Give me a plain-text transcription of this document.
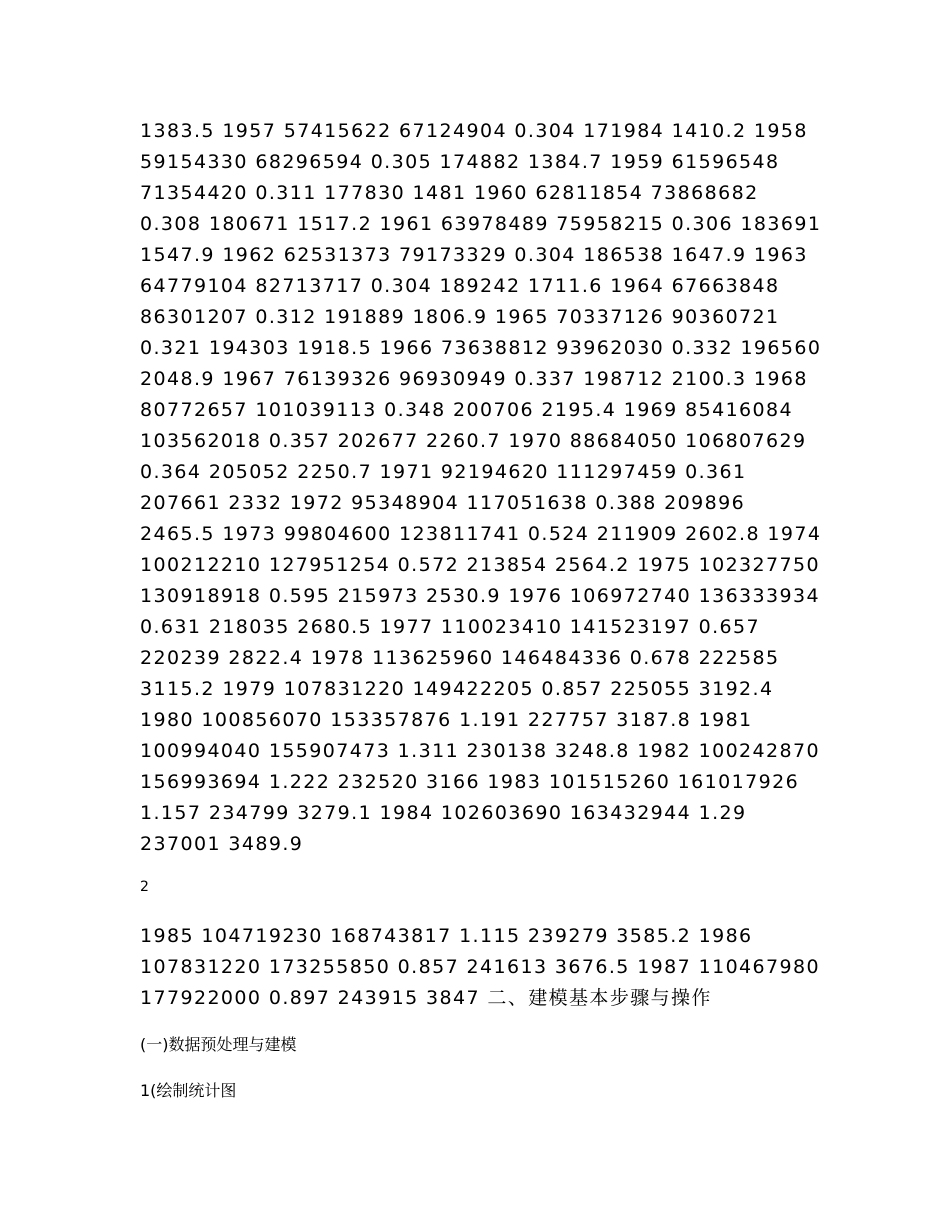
1383.5 1957 57415622 67124904 0.304 171984 1410.2 1958
59154330 68296594 0.305 174882 1384.7 1959 61596548
71354420 0.311 177830 1481 1960 62811854 73868682
0.308 180671 1517.2 1961 63978489 75958215 0.306 183691
1547.9 1962 62531373 79173329 0.304 186538 1647.9 1963
64779104 82713717 0.304 189242 1711.6 1964 67663848
86301207 0.312 191889 1806.9 1965 70337126 90360721
0.321 194303 1918.5 1966 73638812 93962030 0.332 196560
2048.9 1967 76139326 96930949 0.337 198712 2100.3 1968
80772657 101039113 0.348 200706 2195.4 1969 85416084
103562018 0.357 202677 2260.7 1970 88684050 106807629
0.364 205052 2250.7 1971 92194620 111297459 0.361
207661 2332 1972 95348904 117051638 0.388 209896
2465.5 1973 99804600 123811741 0.524 211909 2602.8 1974
100212210 127951254 0.572 213854 2564.2 1975 102327750
130918918 0.595 215973 2530.9 1976 106972740 136333934
0.631 218035 2680.5 1977 110023410 141523197 0.657
220239 2822.4 1978 113625960 146484336 0.678 222585
3115.2 1979 107831220 149422205 0.857 225055 3192.4
1980 100856070 153357876 1.191 227757 3187.8 1981
100994040 155907473 1.311 230138 3248.8 1982 100242870
156993694 1.222 232520 3166 1983 101515260 161017926
1.157 234799 3279.1 1984 102603690 163432944 1.29
237001 3489.9
2
1985 104719230 168743817 1.115 239279 3585.2 1986
107831220 173255850 0.857 241613 3676.5 1987 110467980
177922000 0.897 243915 3847 二、建模基本步骤与操作
(一)数据预处理与建模
1(绘制统计图
